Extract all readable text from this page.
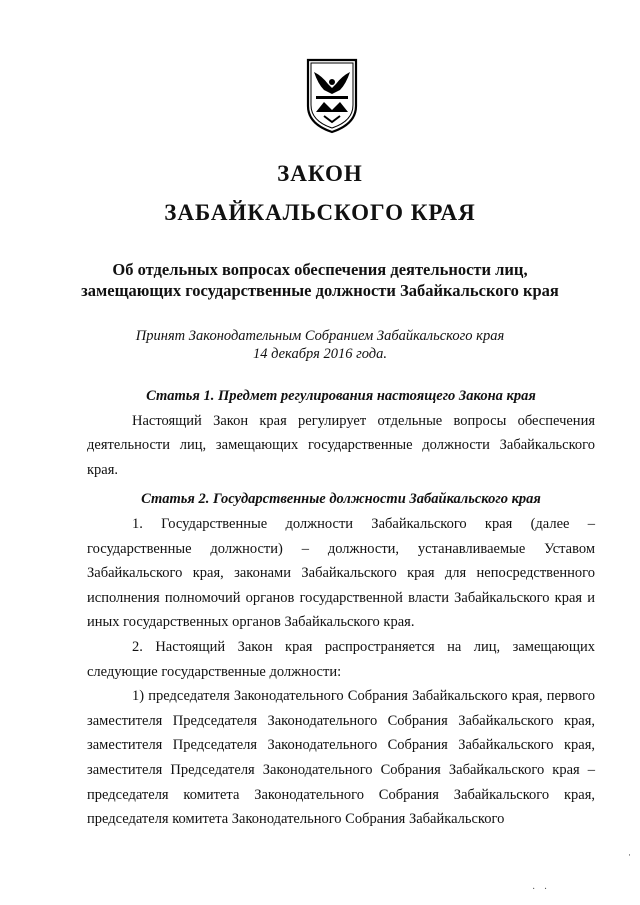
ЗАКОН
ЗАБАЙКАЛЬСКОГО КРАЯ
Об отдельных вопросах обеспечения деятельности лиц,
замещающих государственные должности Забайкальского края
Принят Законодательным Собранием Забайкальского края
14 декабря 2016 года.
Статья 1. Предмет регулирования настоящего Закона края

Настоящий Закон края регулирует отдельные вопросы обеспечения деятельности лиц, замещающих государственные должности Забайкальского края.

Статья 2. Государственные должности Забайкальского края

1. Государственные должности Забайкальского края (далее – государственные должности) – должности, устанавливаемые Уставом Забайкальского края, законами Забайкальского края для непосредственного исполнения полномочий органов государственной власти Забайкальского края и иных государственных органов Забайкальского края.

2. Настоящий Закон края распространяется на лиц, замещающих следующие государственные должности:

1) председателя Законодательного Собрания Забайкальского края, первого заместителя Председателя Законодательного Собрания Забайкальского края, заместителя Председателя Законодательного Собрания Забайкальского края, заместителя Председателя Законодательного Собрания Забайкальского края – председателя комитета Законодательного Собрания Забайкальского края, председателя комитета Законодательного Собрания Забайкальского

·
· ·
